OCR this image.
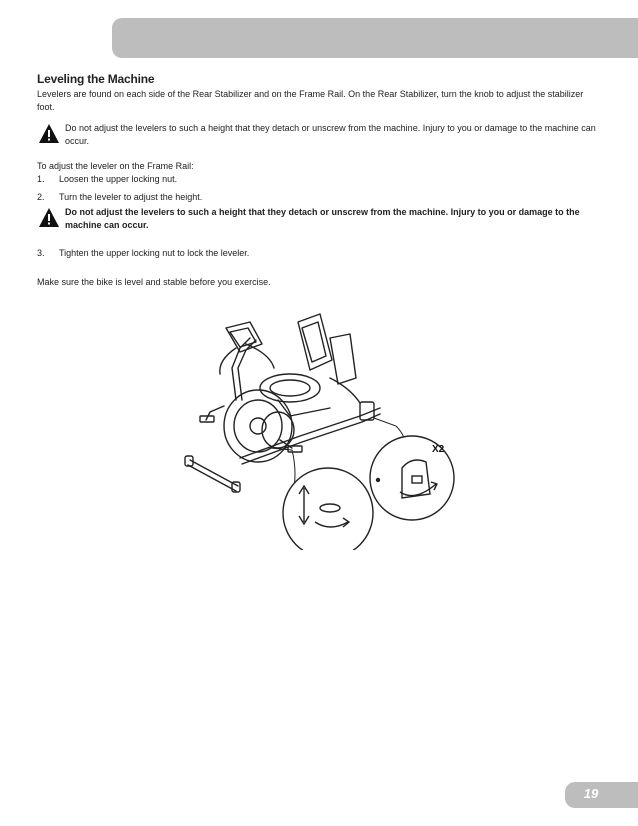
Leveling the Machine

Levelers are found on each side of the Rear Stabilizer and on the Frame Rail. On the Rear Stabilizer, turn the knob to adjust the stabilizer foot.

Do not adjust the levelers to such a height that they detach or unscrew from the machine. Injury to you or damage to the machine can occur.

To adjust the leveler on the Frame Rail:

1.	Loosen the upper locking nut.
2.	Turn the leveler to adjust the height.
Do not adjust the levelers to such a height that they detach or unscrew from the machine. Injury to you or damage to the machine can occur.
3.	Tighten the upper locking nut to lock the leveler.

Make sure the bike is level and stable before you exercise.

X2
19
